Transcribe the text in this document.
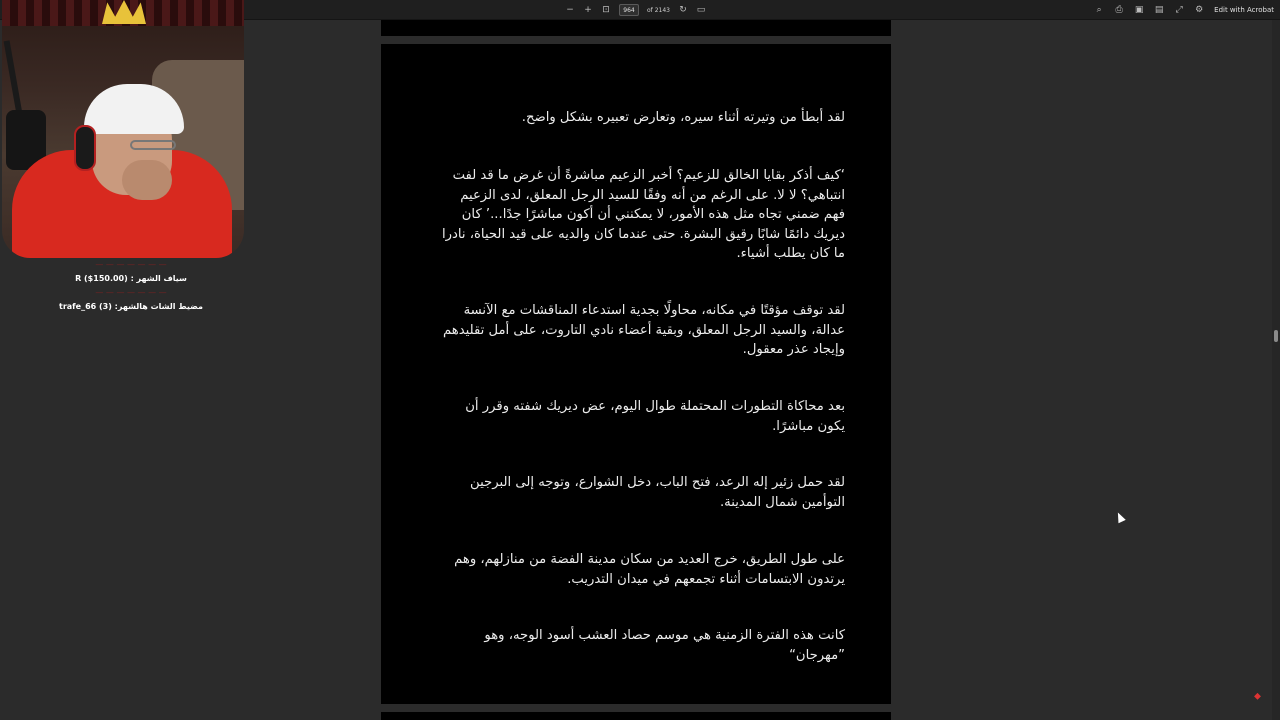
− + ⊡	964	of 2143 ↻ ▭	⌕ ⎙ ▣ ▤ ⤢ ⚙ Edit with Acrobat
— — — — — — —
سياف الشهر : R ($150.00)
— — — — — — —
مضيط الشات هالشهر: trafe_66 (3)

لقد أبطأ من وتيرته أثناء سيره، وتعارض تعبيره بشكل واضح.

‘كيف أذكر بقايا الخالق للزعيم؟ أخبر الزعيم مباشرةً أن غرض ما قد لفت انتباهي؟ لا لا. على الرغم من أنه وفقًا للسيد الرجل المعلق، لدى الزعيم فهم ضمني تجاه مثل هذه الأمور، لا يمكنني أن أكون مباشرًا جدًا...’ كان ديريك دائمًا شابًا رقيق البشرة. حتى عندما كان والديه على قيد الحياة، نادرا ما كان يطلب أشياء.

لقد توقف مؤقتًا في مكانه، محاولًا بجدية استدعاء المناقشات مع الآنسة عدالة، والسيد الرجل المعلق، وبقية أعضاء نادي التاروت، على أمل تقليدهم وإيجاد عذر معقول.

بعد محاكاة التطورات المحتملة طوال اليوم، عض ديريك شفته وقرر أن يكون مباشرًا.

لقد حمل زئير إله الرعد، فتح الباب، دخل الشوارع، وتوجه إلى البرجين التوأمين شمال المدينة.

على طول الطريق، خرج العديد من سكان مدينة الفضة من منازلهم، وهم يرتدون الابتسامات أثناء تجمعهم في ميدان التدريب.

كانت هذه الفترة الزمنية هي موسم حصاد العشب أسود الوجه، وهو ”مهرجان“

⬥
